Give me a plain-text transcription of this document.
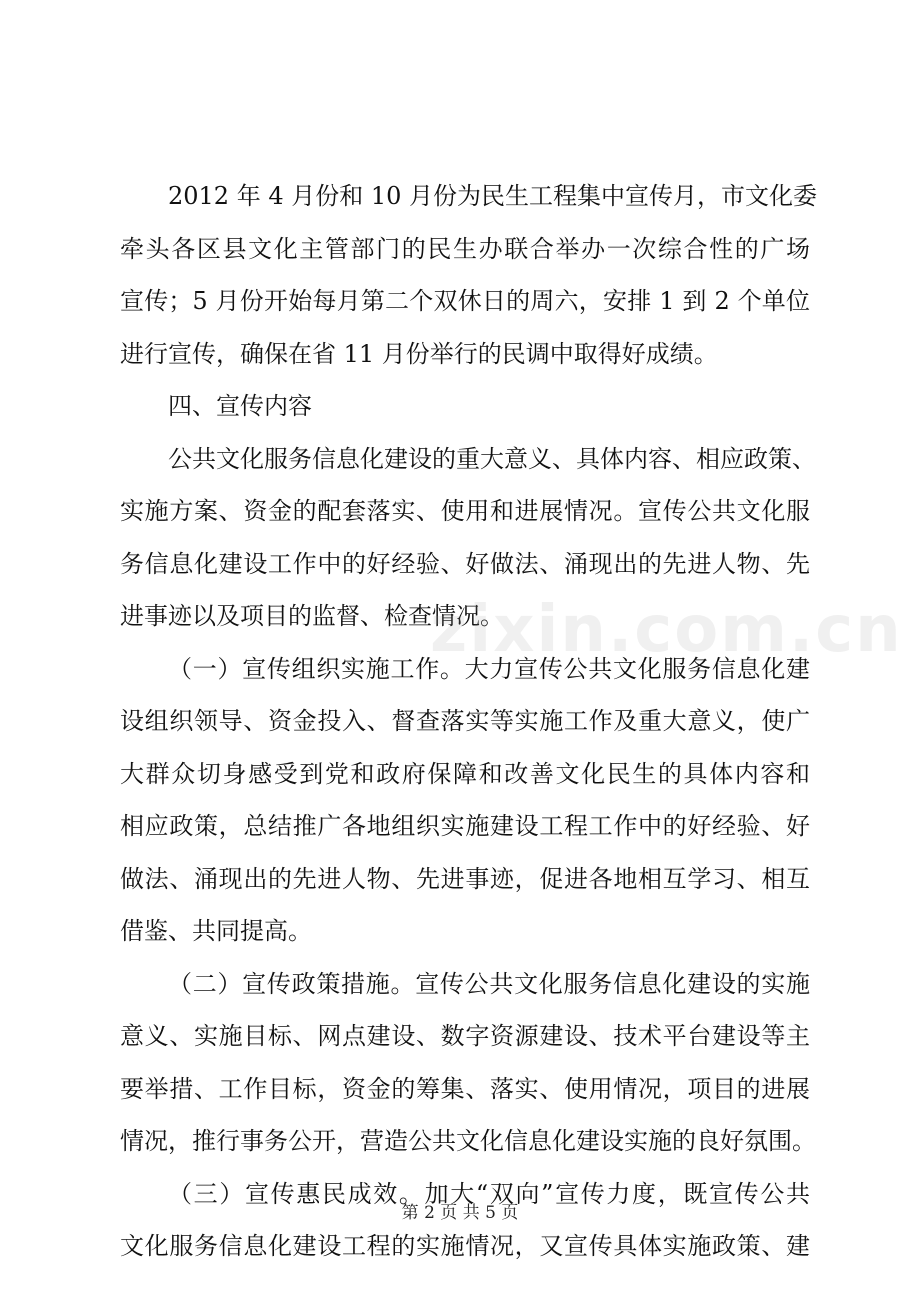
2012 年 4 月份和 10 月份为民生工程集中宣传月，市文化委
牵头各区县文化主管部门的民生办联合举办一次综合性的广场
宣传；5 月份开始每月第二个双休日的周六，安排 1 到 2 个单位
进行宣传，确保在省 11 月份举行的民调中取得好成绩。
四、宣传内容
公共文化服务信息化建设的重大意义、具体内容、相应政策、
实施方案、资金的配套落实、使用和进展情况。宣传公共文化服
务信息化建设工作中的好经验、好做法、涌现出的先进人物、先
进事迹以及项目的监督、检查情况。
（一）宣传组织实施工作。大力宣传公共文化服务信息化建
设组织领导、资金投入、督查落实等实施工作及重大意义，使广
大群众切身感受到党和政府保障和改善文化民生的具体内容和
相应政策，总结推广各地组织实施建设工程工作中的好经验、好
做法、涌现出的先进人物、先进事迹，促进各地相互学习、相互
借鉴、共同提高。
（二）宣传政策措施。宣传公共文化服务信息化建设的实施
意义、实施目标、网点建设、数字资源建设、技术平台建设等主
要举措、工作目标，资金的筹集、落实、使用情况，项目的进展
情况，推行事务公开，营造公共文化信息化建设实施的良好氛围。
（三）宣传惠民成效。加大“双向”宣传力度，既宣传公共
文化服务信息化建设工程的实施情况，又宣传具体实施政策、建
zixin.com.cn
第 2 页 共 5 页
